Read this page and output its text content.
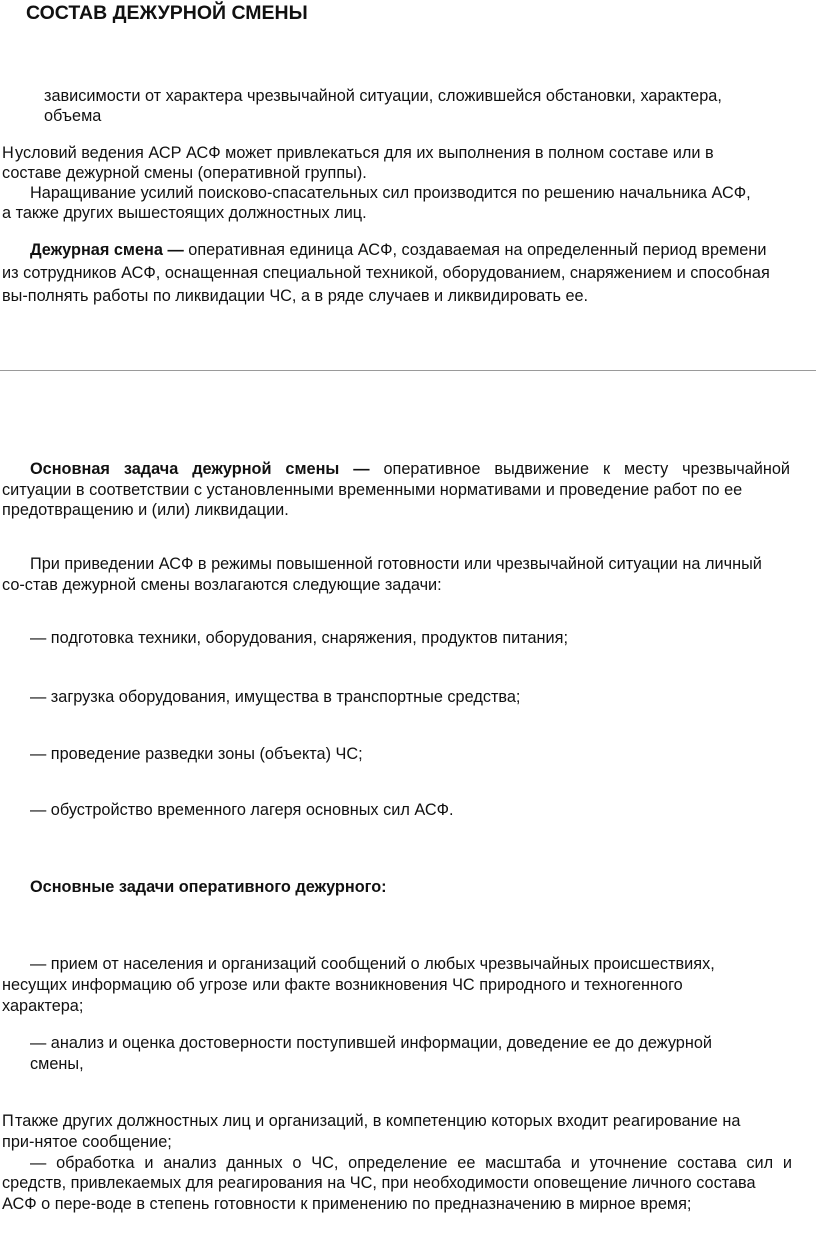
СОСТАВ ДЕЖУРНОЙ СМЕНЫ

зависимости от характера чрезвычайной ситуации, сложившейся обстановки, характера,

объема

Н условий ведения АСР АСФ может привлекаться для их выполнения в полном составе или в

составе дежурной смены (оперативной группы).

Наращивание усилий поисково-спасательных сил производится по решению начальника АСФ,

а также других вышестоящих должностных лиц.

Дежурная смена — оперативная единица АСФ, создаваемая на определенный период времени

из сотрудников АСФ, оснащенная специальной техникой, оборудованием, снаряжением и способная

вы-полнять работы по ликвидации ЧС, а в ряде случаев и ликвидировать ее.

Основная задача дежурной смены — оперативное выдвижение к месту чрезвычайной

ситуации в соответствии с установленными временными нормативами и проведение работ по ее

предотвращению и (или) ликвидации.

При приведении АСФ в режимы повышенной готовности или чрезвычайной ситуации на личный

со-став дежурной смены возлагаются следующие задачи:

— подготовка техники, оборудования, снаряжения, продуктов питания;

— загрузка оборудования, имущества в транспортные средства;

— проведение разведки зоны (объекта) ЧС;

— обустройство временного лагеря основных сил АСФ.

Основные задачи оперативного дежурного:

— прием от населения и организаций сообщений о любых чрезвычайных происшествиях,

несущих информацию об угрозе или факте возникновения ЧС природного и техногенного

характера;

— анализ и оценка достоверности поступившей информации, доведение ее до дежурной

смены,

П также других должностных лиц и организаций, в компетенцию которых входит реагирование на

при-нятое сообщение;

— обработка и анализ данных о ЧС, определение ее масштаба и уточнение состава сил и

средств, привлекаемых для реагирования на ЧС, при необходимости оповещение личного состава

АСФ о пере-воде в степень готовности к применению по предназначению в мирное время;
